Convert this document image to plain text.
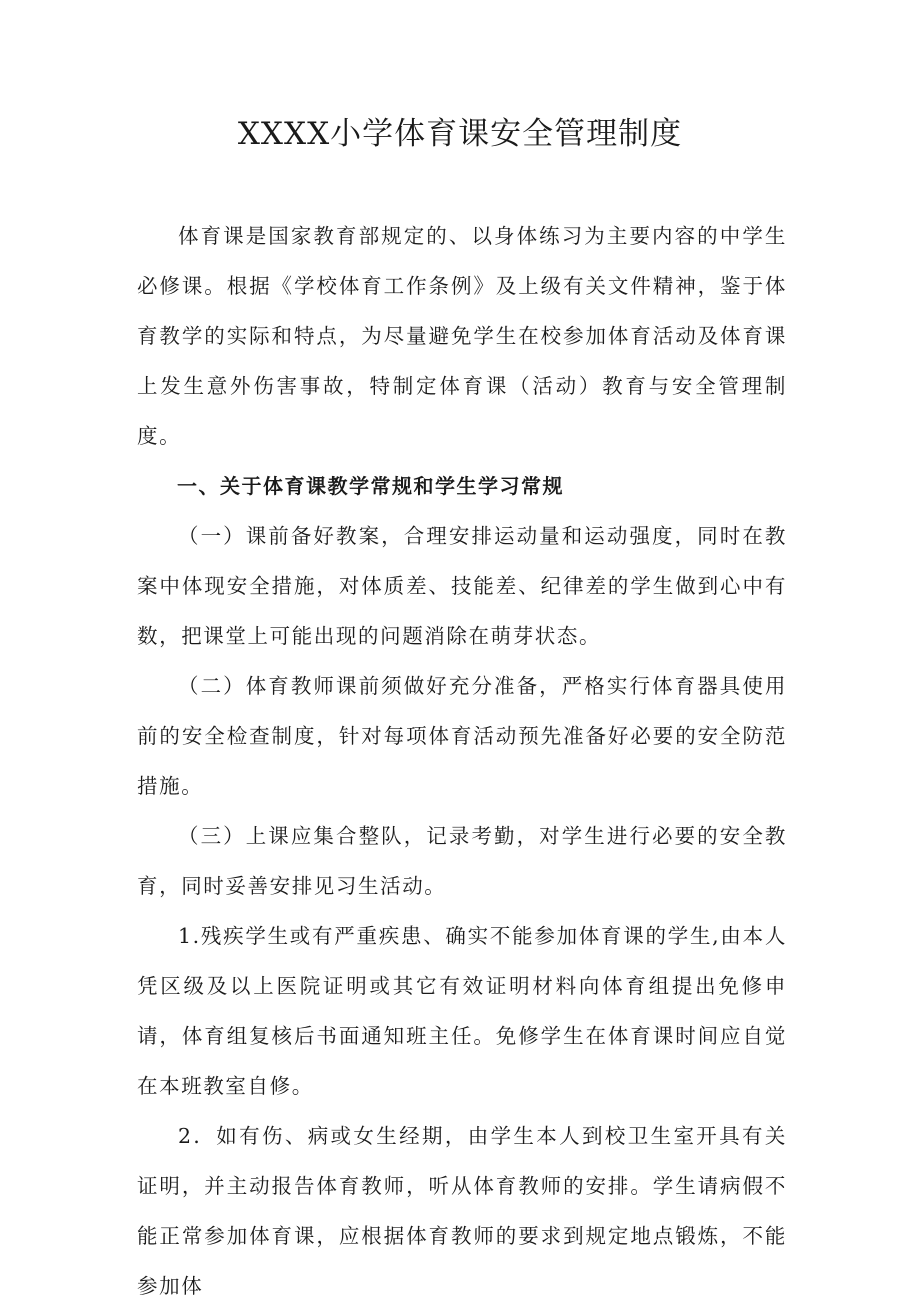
XXXX小学体育课安全管理制度

体育课是国家教育部规定的、以身体练习为主要内容的中学生必修课。根据《学校体育工作条例》及上级有关文件精神，鉴于体育教学的实际和特点，为尽量避免学生在校参加体育活动及体育课上发生意外伤害事故，特制定体育课（活动）教育与安全管理制度。

一、关于体育课教学常规和学生学习常规

（一）课前备好教案，合理安排运动量和运动强度，同时在教案中体现安全措施，对体质差、技能差、纪律差的学生做到心中有数，把课堂上可能出现的问题消除在萌芽状态。

（二）体育教师课前须做好充分准备，严格实行体育器具使用前的安全检查制度，针对每项体育活动预先准备好必要的安全防范措施。

（三）上课应集合整队，记录考勤，对学生进行必要的安全教育，同时妥善安排见习生活动。

1.残疾学生或有严重疾患、确实不能参加体育课的学生,由本人凭区级及以上医院证明或其它有效证明材料向体育组提出免修申请，体育组复核后书面通知班主任。免修学生在体育课时间应自觉在本班教室自修。

2．如有伤、病或女生经期，由学生本人到校卫生室开具有关证明，并主动报告体育教师，听从体育教师的安排。学生请病假不能正常参加体育课，应根据体育教师的要求到规定地点锻炼，不能参加体
